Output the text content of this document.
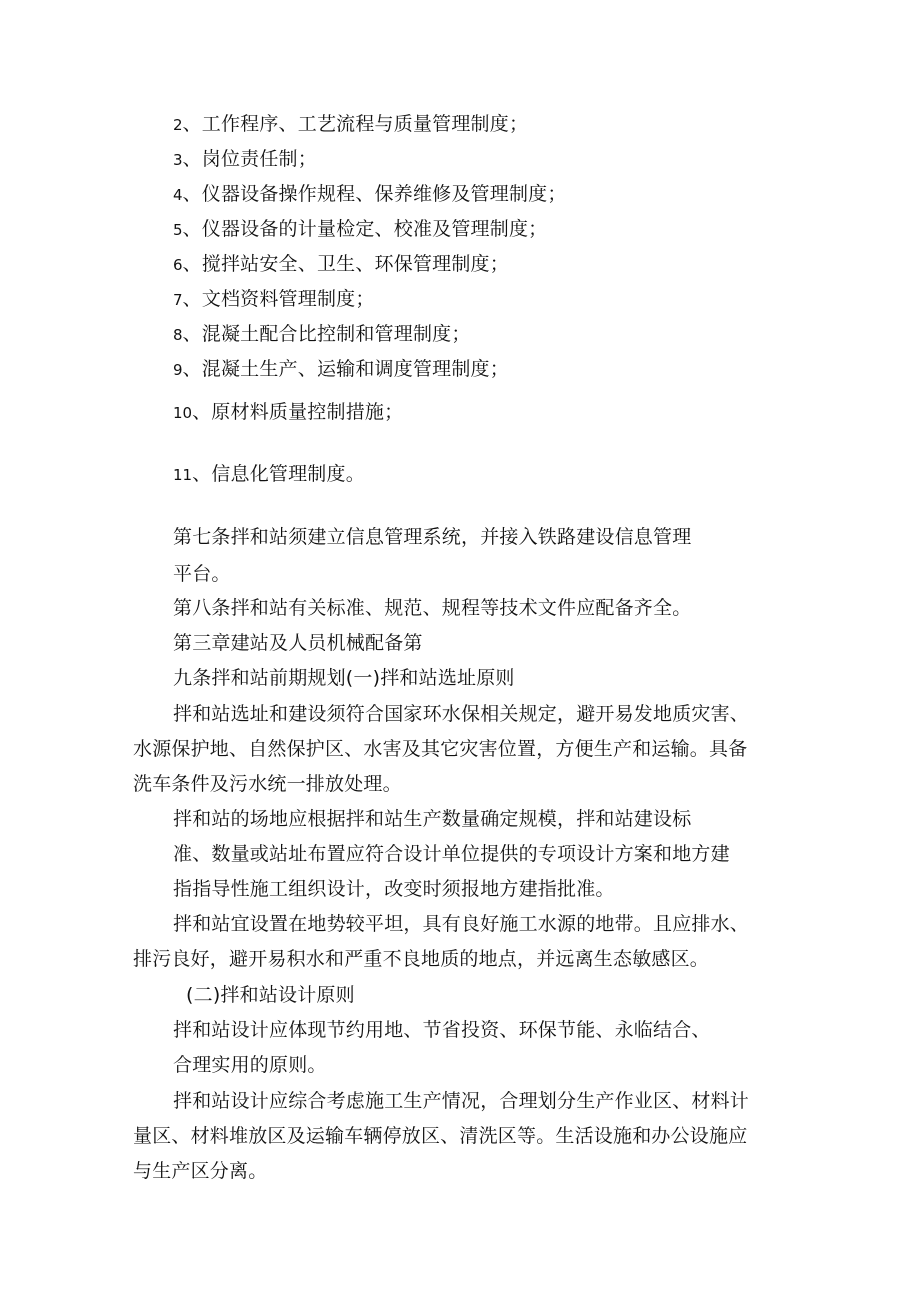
2、工作程序、工艺流程与质量管理制度；
3、岗位责任制；
4、仪器设备操作规程、保养维修及管理制度；
5、仪器设备的计量检定、校准及管理制度；
6、搅拌站安全、卫生、环保管理制度；
7、文档资料管理制度；
8、混凝土配合比控制和管理制度；
9、混凝土生产、运输和调度管理制度；
10、原材料质量控制措施；
11、信息化管理制度。
第七条拌和站须建立信息管理系统，并接入铁路建设信息管理
平台。
第八条拌和站有关标准、规范、规程等技术文件应配备齐全。
第三章建站及人员机械配备第
九条拌和站前期规划(一)拌和站选址原则
拌和站选址和建设须符合国家环水保相关规定，避开易发地质灾害、
水源保护地、自然保护区、水害及其它灾害位置，方便生产和运输。具备
洗车条件及污水统一排放处理。
拌和站的场地应根据拌和站生产数量确定规模，拌和站建设标
准、数量或站址布置应符合设计单位提供的专项设计方案和地方建
指指导性施工组织设计，改变时须报地方建指批准。
拌和站宜设置在地势较平坦，具有良好施工水源的地带。且应排水、
排污良好，避开易积水和严重不良地质的地点，并远离生态敏感区。
(二)拌和站设计原则
拌和站设计应体现节约用地、节省投资、环保节能、永临结合、
合理实用的原则。
拌和站设计应综合考虑施工生产情况，合理划分生产作业区、材料计
量区、材料堆放区及运输车辆停放区、清洗区等。生活设施和办公设施应
与生产区分离。
